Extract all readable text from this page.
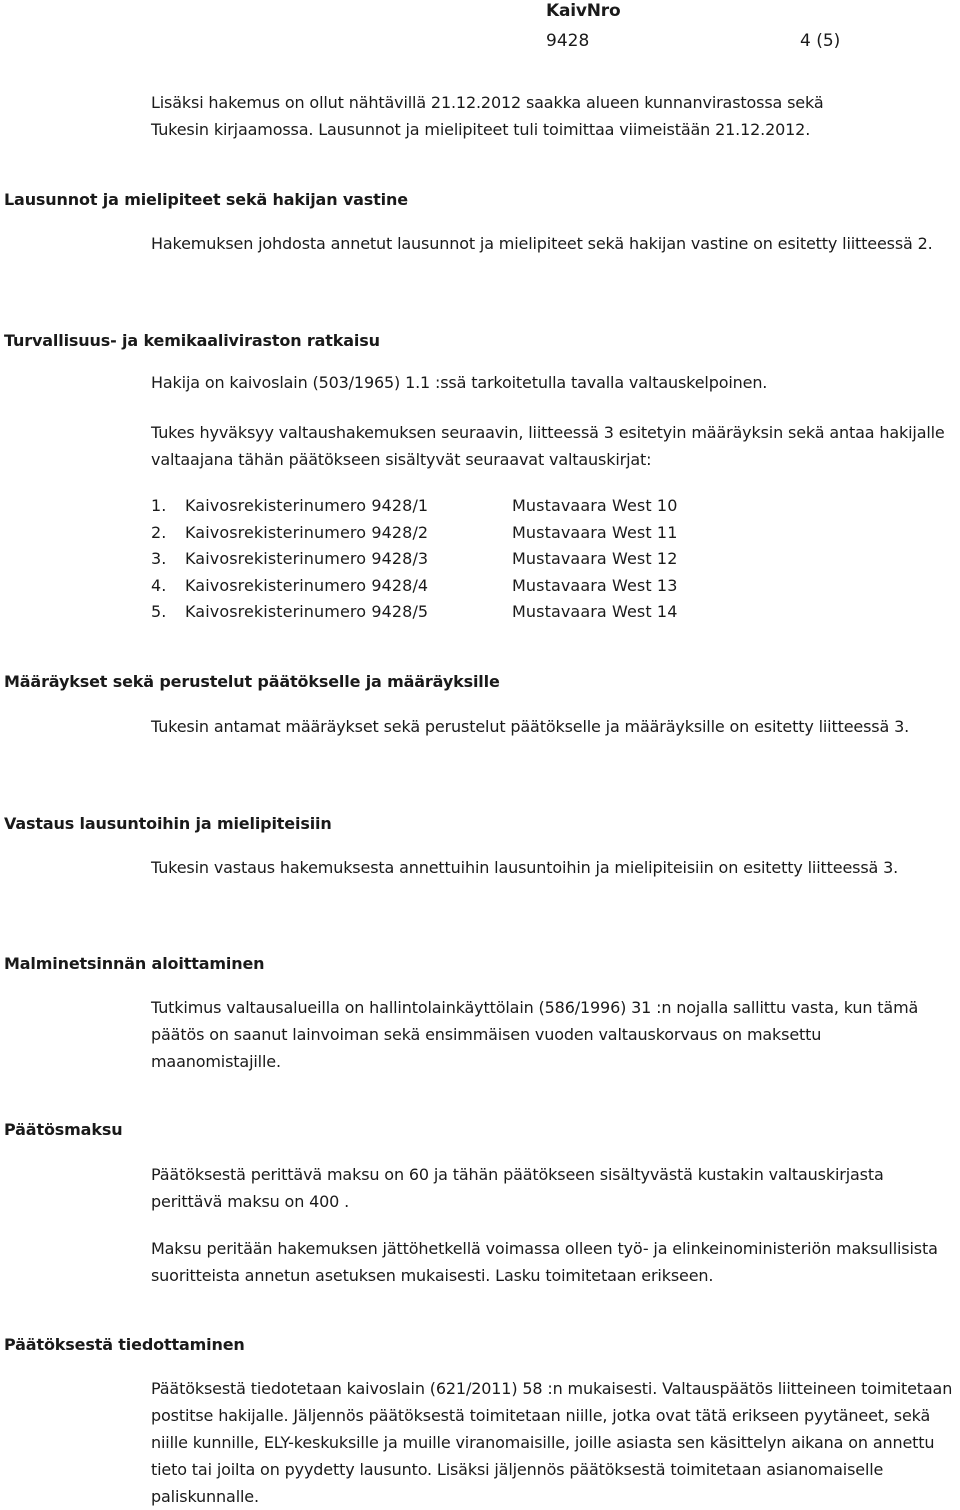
KaivNro
9428	4 (5)

Lisäksi hakemus on ollut nähtävillä 21.12.2012 saakka alueen kunnanvirastossa sekä
Tukesin kirjaamossa. Lausunnot ja mielipiteet tuli toimittaa viimeistään 21.12.2012.

Lausunnot ja mielipiteet sekä hakijan vastine

Hakemuksen johdosta annetut lausunnot ja mielipiteet sekä hakijan vastine on esitetty liitteessä 2.

Turvallisuus- ja kemikaaliviraston ratkaisu

Hakija on kaivoslain (503/1965) 1.1 :ssä tarkoitetulla tavalla valtauskelpoinen.

Tukes hyväksyy valtaushakemuksen seuraavin, liitteessä 3 esitetyin määräyksin sekä antaa hakijalle valtaajana tähän päätökseen sisältyvät seuraavat valtauskirjat:

1.	Kaivosrekisterinumero 9428/1	Mustavaara West 10
2.	Kaivosrekisterinumero 9428/2	Mustavaara West 11
3.	Kaivosrekisterinumero 9428/3	Mustavaara West 12
4.	Kaivosrekisterinumero 9428/4	Mustavaara West 13
5.	Kaivosrekisterinumero 9428/5	Mustavaara West 14
Määräykset sekä perustelut päätökselle ja määräyksille

Tukesin antamat määräykset sekä perustelut päätökselle ja määräyksille on esitetty liitteessä 3.

Vastaus lausuntoihin ja mielipiteisiin

Tukesin vastaus hakemuksesta annettuihin lausuntoihin ja mielipiteisiin on esitetty liitteessä 3.

Malminetsinnän aloittaminen

Tutkimus valtausalueilla on hallintolainkäyttölain (586/1996) 31 :n nojalla sallittu vasta, kun tämä päätös on saanut lainvoiman sekä ensimmäisen vuoden valtauskorvaus on maksettu maanomistajille.

Päätösmaksu

Päätöksestä perittävä maksu on 60 ja tähän päätökseen sisältyvästä kustakin valtauskirjasta perittävä maksu on 400 .

Maksu peritään hakemuksen jättöhetkellä voimassa olleen työ- ja elinkeinoministeriön maksullisista suoritteista annetun asetuksen mukaisesti. Lasku toimitetaan erikseen.

Päätöksestä tiedottaminen

Päätöksestä tiedotetaan kaivoslain (621/2011) 58 :n mukaisesti. Valtauspäätös liitteineen toimitetaan postitse hakijalle. Jäljennös päätöksestä toimitetaan niille, jotka ovat tätä erikseen pyytäneet, sekä niille kunnille, ELY-keskuksille ja muille viranomaisille, joille asiasta sen käsittelyn aikana on annettu tieto tai joilta on pyydetty lausunto. Lisäksi jäljennös päätöksestä toimitetaan asianomaiselle paliskunnalle.
